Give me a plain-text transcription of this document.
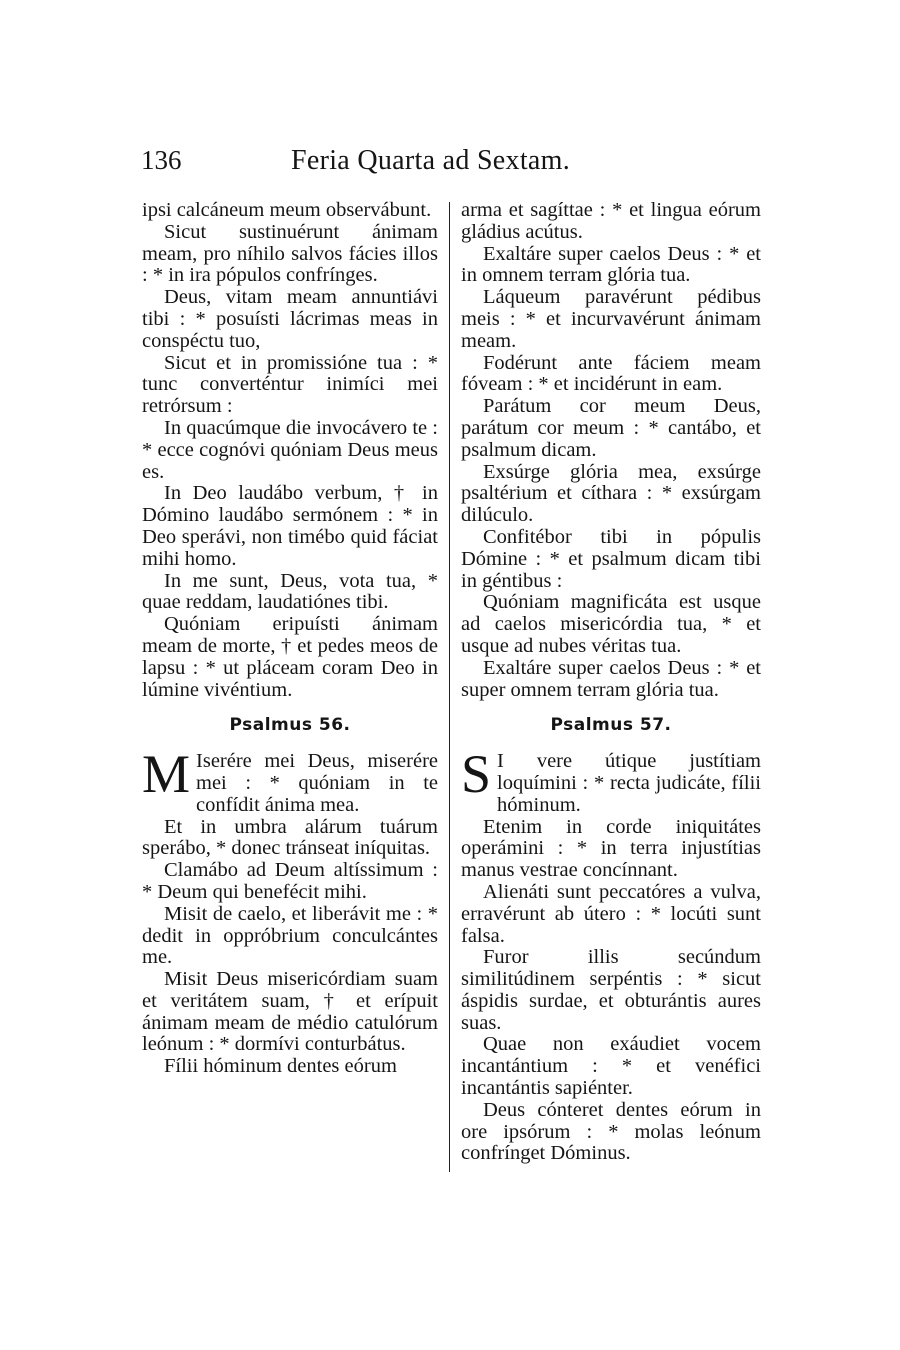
136	Feria Quarta ad Sextam.

ipsi calcáneum meum observábunt.

Sicut sustinuérunt ánimam meam, pro níhilo salvos fácies illos : * in ira pópulos confrínges.

Deus, vitam meam annuntiávi tibi : * posuísti lácrimas meas in conspéctu tuo,

Sicut et in promissióne tua : * tunc converténtur inimíci mei retrórsum :

In quacúmque die invocávero te : * ecce cognóvi quóniam Deus meus es.

In Deo laudábo verbum, † in Dómino laudábo sermónem : * in Deo sperávi, non timébo quid fáciat mihi homo.

In me sunt, Deus, vota tua, * quae reddam, laudatiónes tibi.

Quóniam eripuísti ánimam meam de morte, † et pedes meos de lapsu : * ut pláceam coram Deo in lúmine vivéntium.

Psalmus 56.

M Iserére mei Deus, miserére mei : * quóniam in te confídit ánima mea.

Et in umbra alárum tuárum sperábo, * donec tránseat iníquitas.

Clamábo ad Deum altíssimum : * Deum qui benefécit mihi.

Misit de caelo, et liberávit me : * dedit in oppróbrium conculcántes me.

Misit Deus misericórdiam suam et veritátem suam, † et erípuit ánimam meam de médio catulórum leónum : * dormívi conturbátus.

Fílii hóminum dentes eórum

arma et sagíttae : * et lingua eórum gládius acútus.

Exaltáre super caelos Deus : * et in omnem terram glória tua.

Láqueum paravérunt pédibus meis : * et incurvavérunt ánimam meam.

Fodérunt ante fáciem meam fóveam : * et incidérunt in eam.

Parátum cor meum Deus, parátum cor meum : * cantábo, et psalmum dicam.

Exsúrge glória mea, exsúrge psaltérium et cíthara : * exsúrgam dilúculo.

Confitébor tibi in pópulis Dómine : * et psalmum dicam tibi in géntibus :

Quóniam magnificáta est usque ad caelos misericórdia tua, * et usque ad nubes véritas tua.

Exaltáre super caelos Deus : * et super omnem terram glória tua.

Psalmus 57.

S I vere útique justítiam loquímini : * recta judicáte, fílii hóminum.

Etenim in corde iniquitátes operámini : * in terra injustítias manus vestrae concínnant.

Alienáti sunt peccatóres a vulva, erravérunt ab útero : * locúti sunt falsa.

Furor illis secúndum similitúdinem serpéntis : * sicut áspidis surdae, et obturántis aures suas.

Quae non exáudiet vocem incantántium : * et venéfici incantántis sapiénter.

Deus cónteret dentes eórum in ore ipsórum : * molas leónum confrínget Dóminus.
